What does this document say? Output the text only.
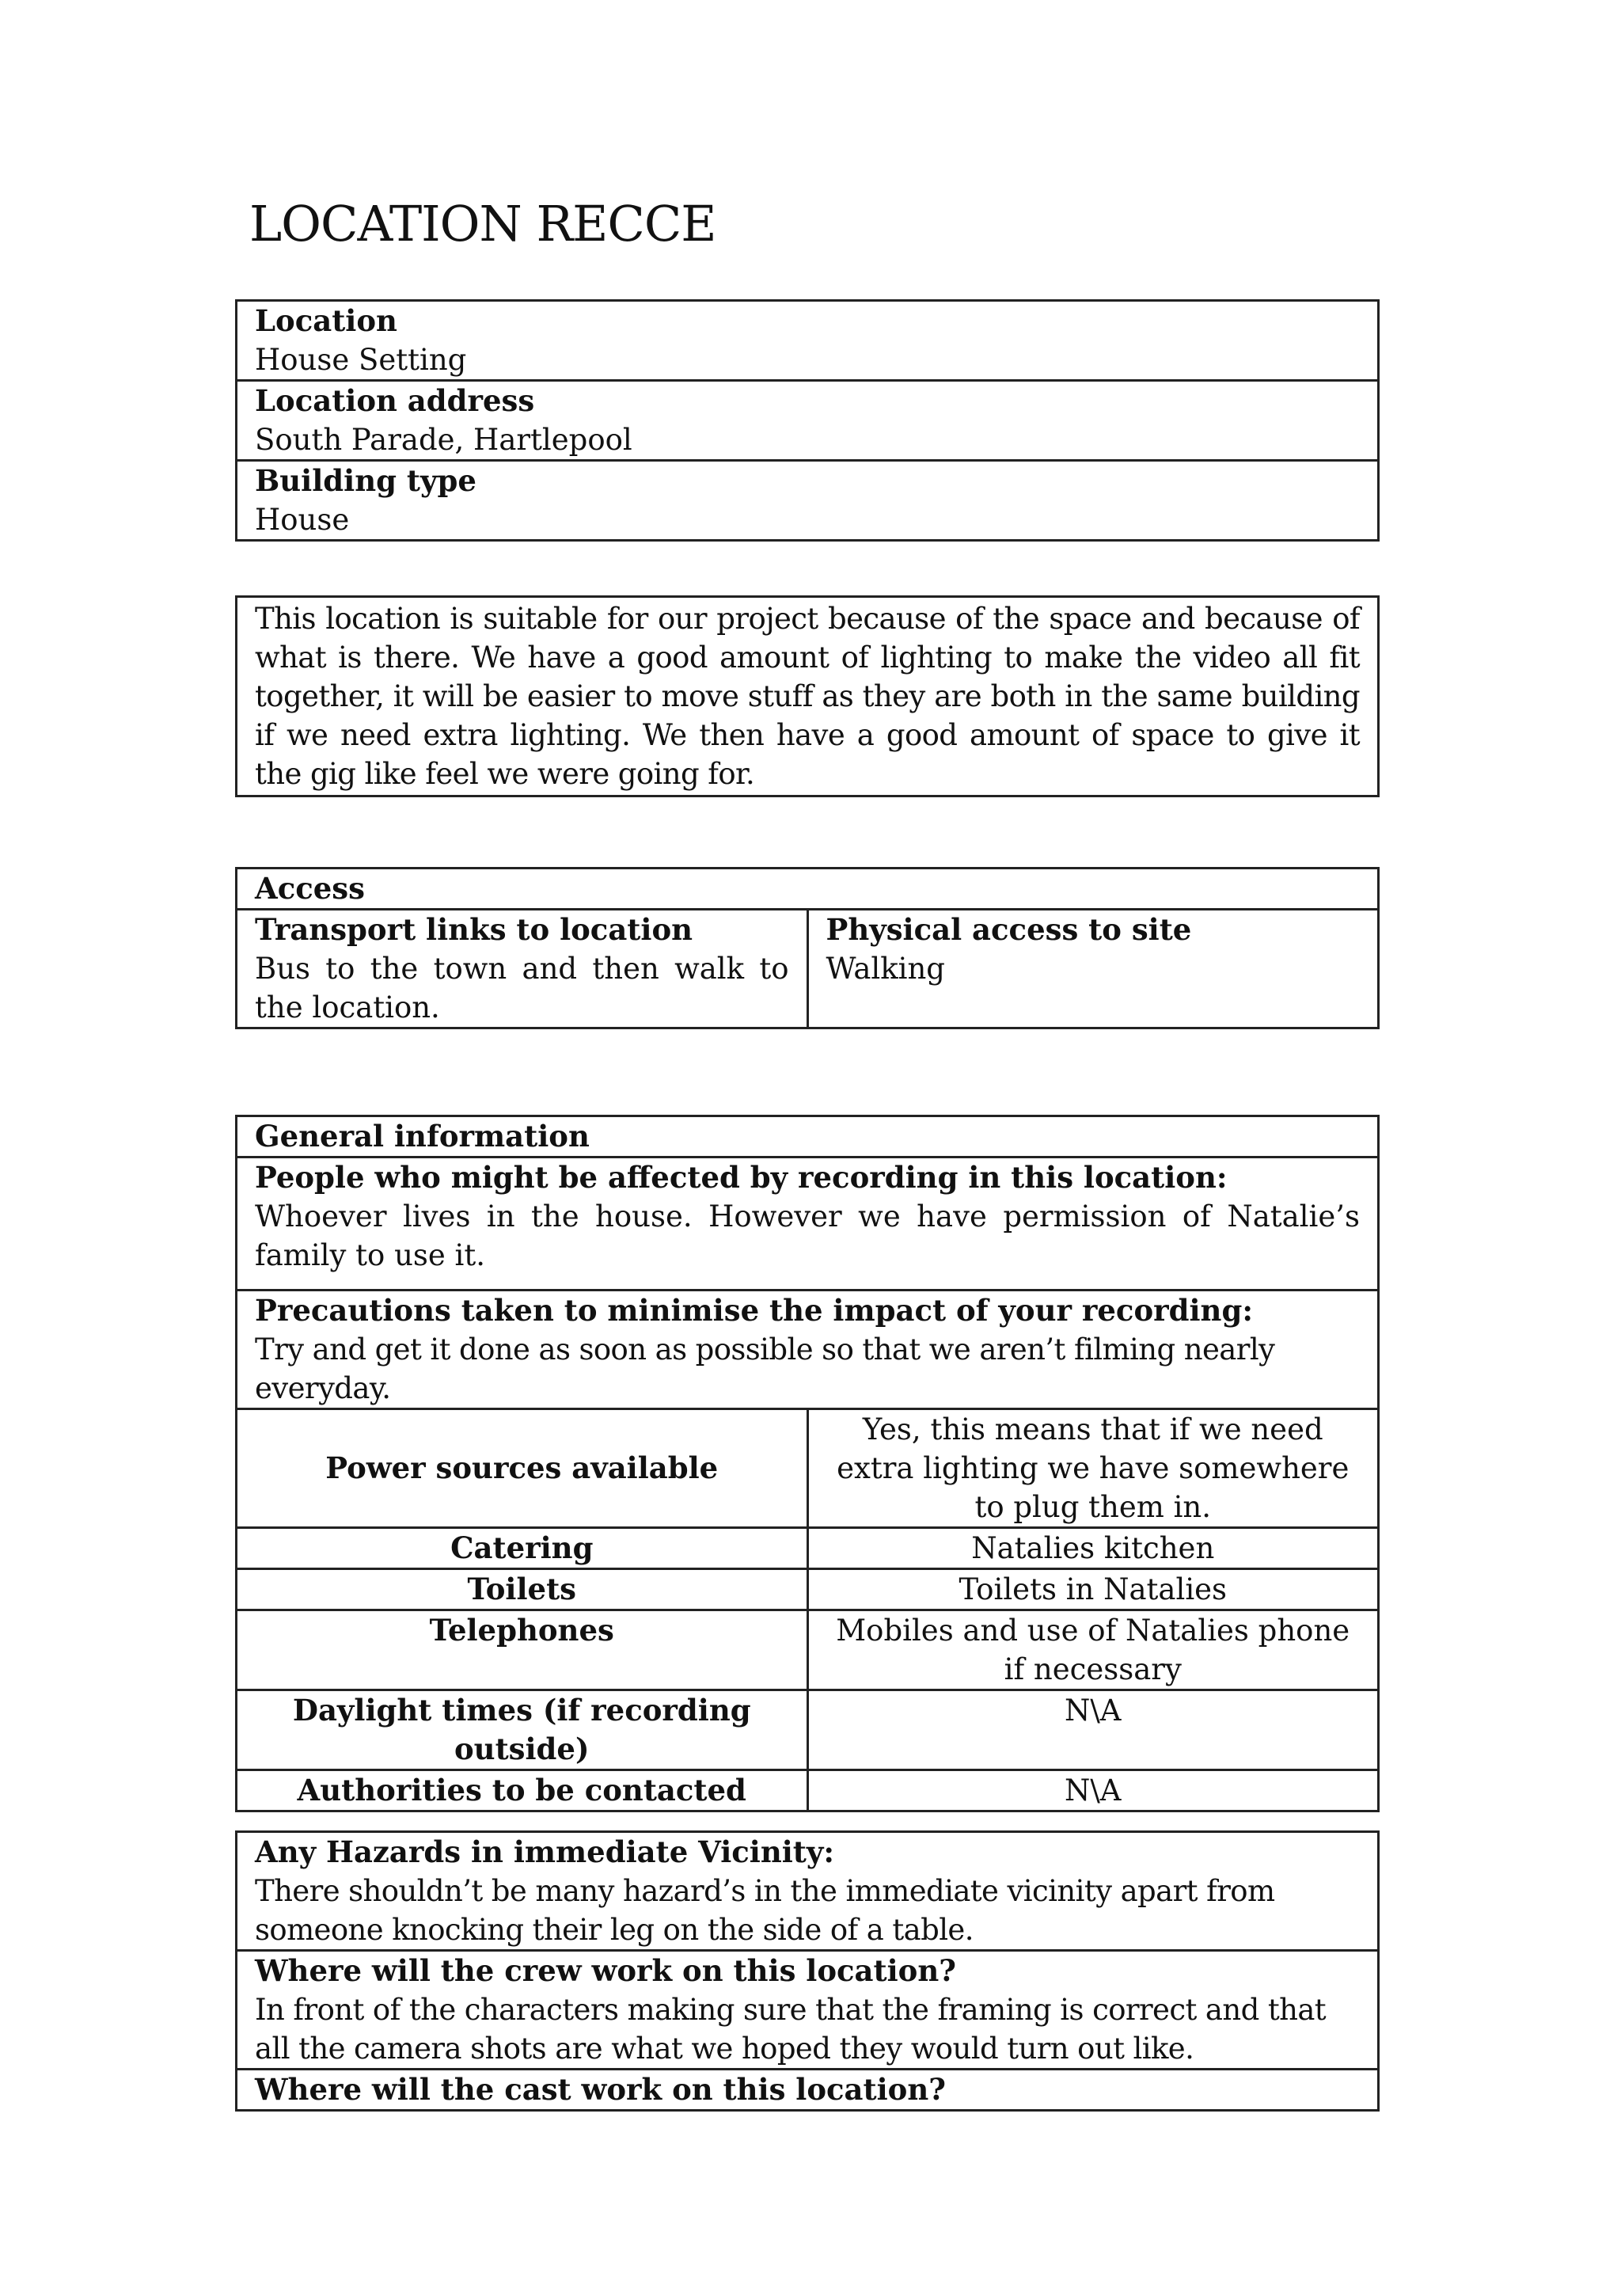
LOCATION RECCE
Location
House Setting

Location address
South Parade, Hartlepool

Building type
House
This location is suitable for our project because of the space and because of what is there. We have a good amount of lighting to make the video all fit together, it will be easier to move stuff as they are both in the same building if we need extra lighting. We then have a good amount of space to give it the gig like feel we were going for.
Access

Transport links to location
Bus to the town and then walk to the location.

Physical access to site
Walking
General information	

People who might be affected by recording in this location:
Whoever lives in the house. However we have permission of Natalie’s family to use it.	

Precautions taken to minimise the impact of your recording:
Try and get it done as soon as possible so that we aren’t filming nearly everyday.	

Power sources available	Yes, this means that if we need extra lighting we have somewhere to plug them in.

Catering	Natalies kitchen

Toilets	Toilets in Natalies

Telephones	Mobiles and use of Natalies phone if necessary

Daylight times (if recording outside)	N\A

Authorities to be contacted	N\A
Any Hazards in immediate Vicinity:
There shouldn’t be many hazard’s in the immediate vicinity apart from someone knocking their leg on the side of a table.

Where will the crew work on this location?
In front of the characters making sure that the framing is correct and that all the camera shots are what we hoped they would turn out like.

Where will the cast work on this location?
